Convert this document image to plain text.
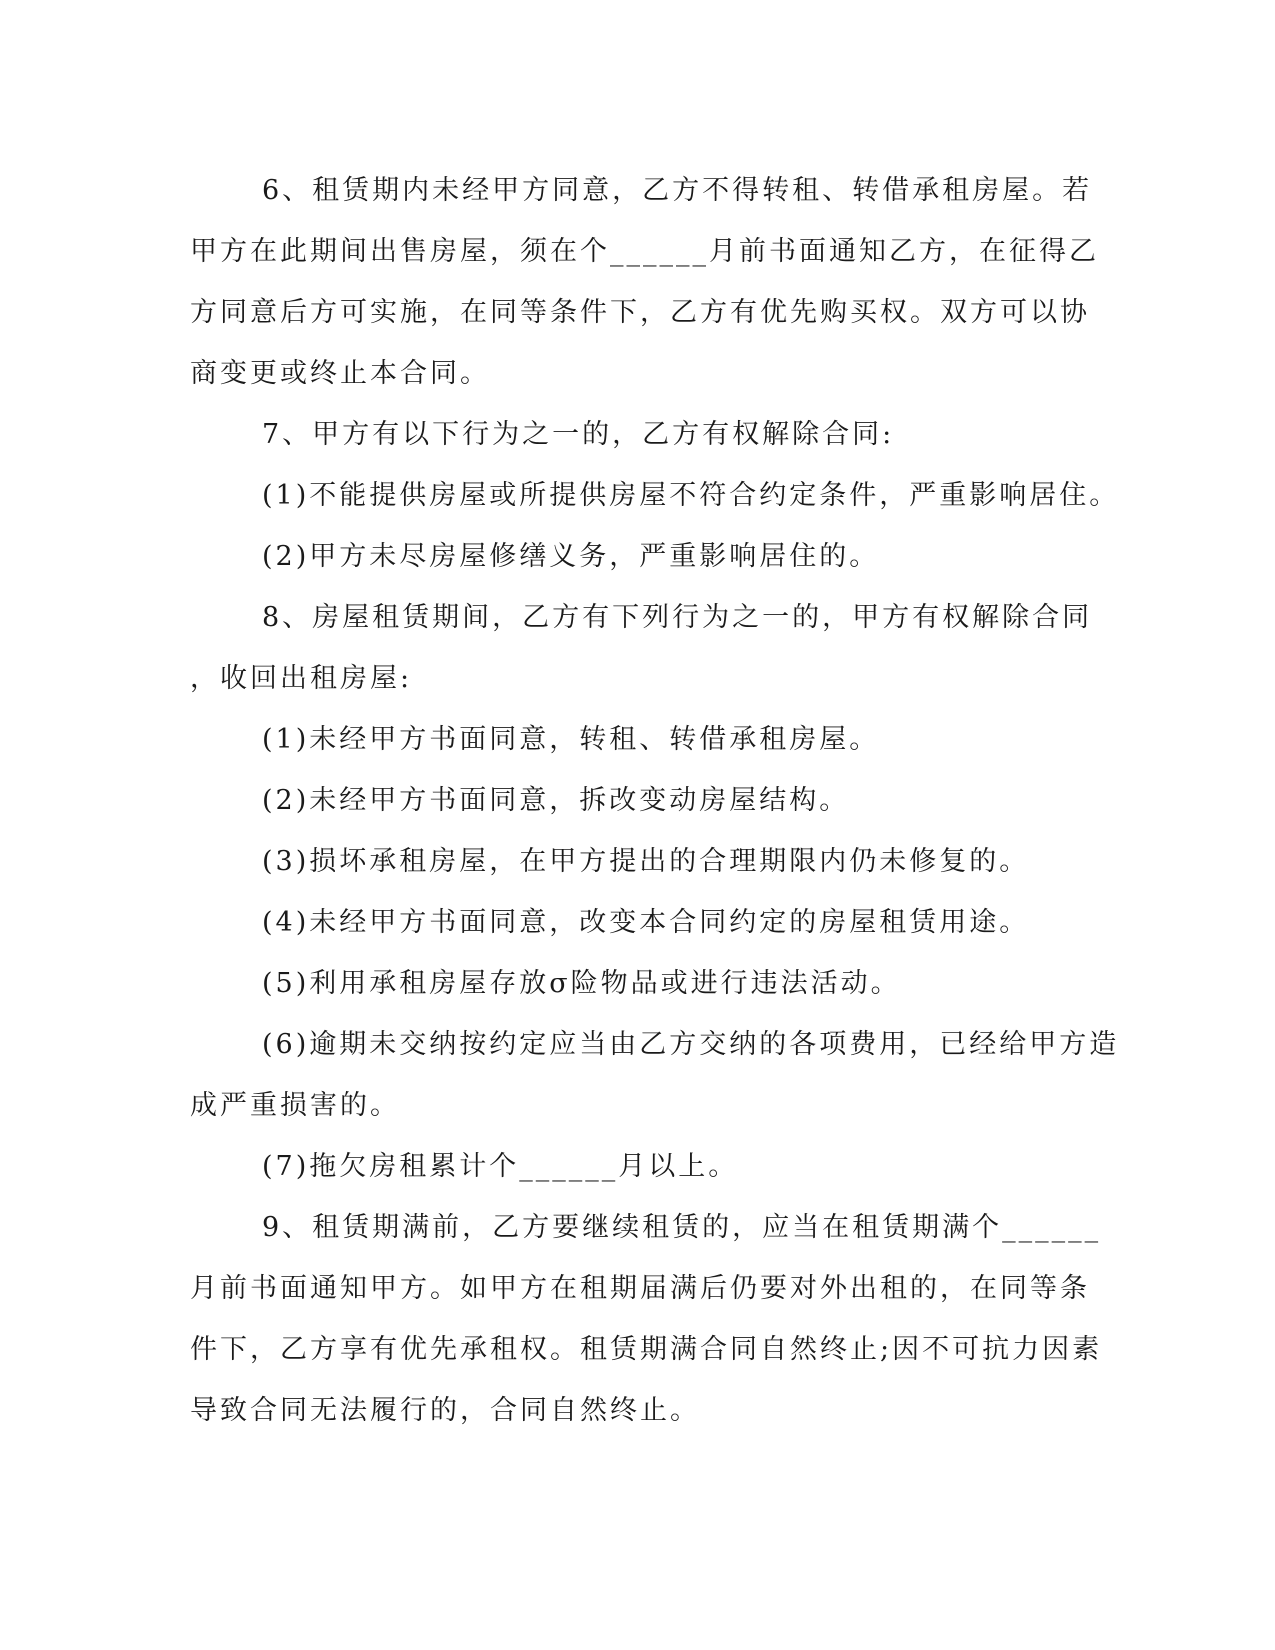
6、租赁期内未经甲方同意，乙方不得转租、转借承租房屋。若
甲方在此期间出售房屋，须在个______月前书面通知乙方，在征得乙
方同意后方可实施，在同等条件下，乙方有优先购买权。双方可以协
商变更或终止本合同。
7、甲方有以下行为之一的，乙方有权解除合同:
(1)不能提供房屋或所提供房屋不符合约定条件，严重影响居住。
(2)甲方未尽房屋修缮义务，严重影响居住的。
8、房屋租赁期间，乙方有下列行为之一的，甲方有权解除合同
，收回出租房屋:
(1)未经甲方书面同意，转租、转借承租房屋。
(2)未经甲方书面同意，拆改变动房屋结构。
(3)损坏承租房屋，在甲方提出的合理期限内仍未修复的。
(4)未经甲方书面同意，改变本合同约定的房屋租赁用途。
(5)利用承租房屋存放σ险物品或进行违法活动。
(6)逾期未交纳按约定应当由乙方交纳的各项费用，已经给甲方造
成严重损害的。
(7)拖欠房租累计个______月以上。
9、租赁期满前，乙方要继续租赁的，应当在租赁期满个______
月前书面通知甲方。如甲方在租期届满后仍要对外出租的，在同等条
件下，乙方享有优先承租权。租赁期满合同自然终止;因不可抗力因素
导致合同无法履行的，合同自然终止。
